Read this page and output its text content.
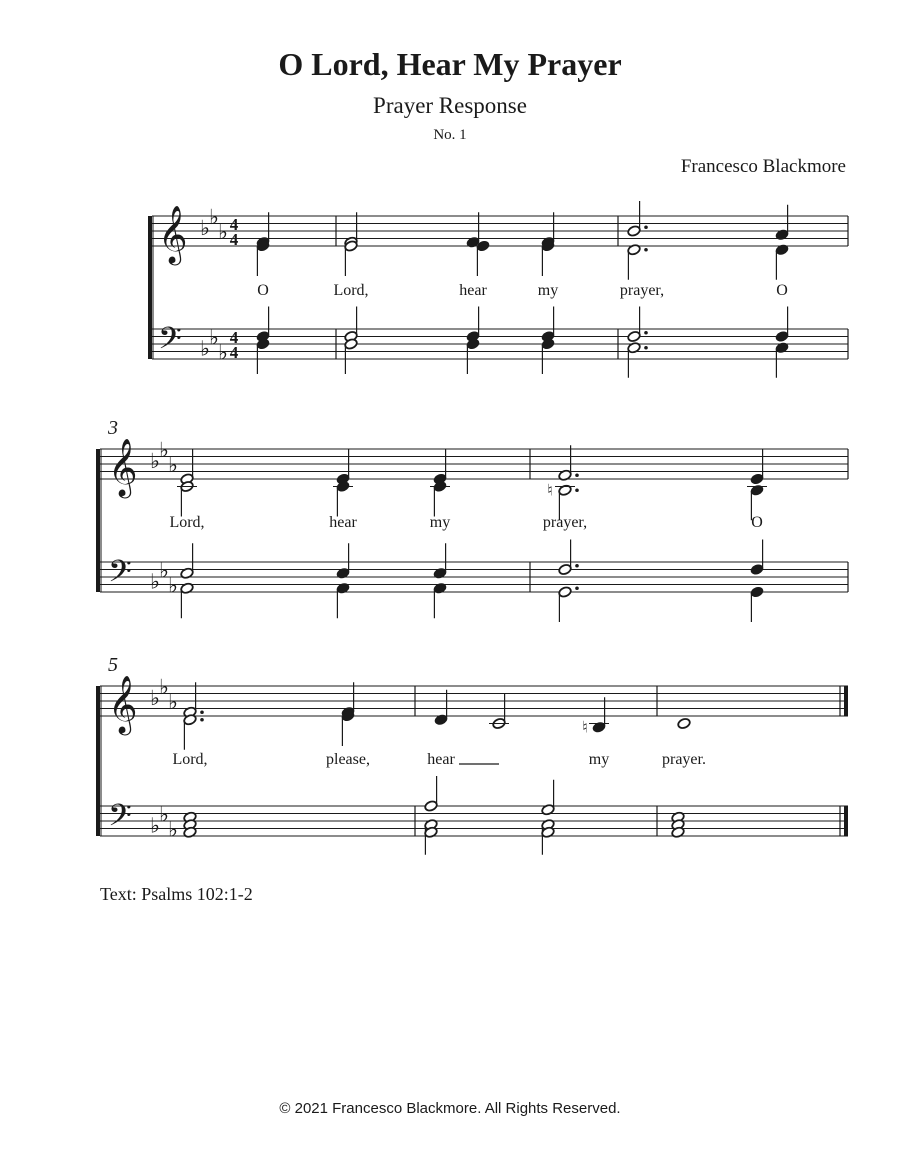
O Lord, Hear My Prayer
Prayer Response
No. 1
Francesco Blackmore
𝄞
𝄢
♭ ♭
♭
♭ ♭
♭
4
4
4
4
𝄞
𝄢
♭ ♭
♭
♭ ♭
♭
𝄞
𝄢
♭ ♭
♭
♭ ♭
♭
♮
♮
3
5
O	Lord,	hear	my	prayer,	O
Lord,	hear	my	prayer,	O
Lord,	please,	hear	my	prayer.
Text: Psalms 102:1-2
© 2021 Francesco Blackmore. All Rights Reserved.
